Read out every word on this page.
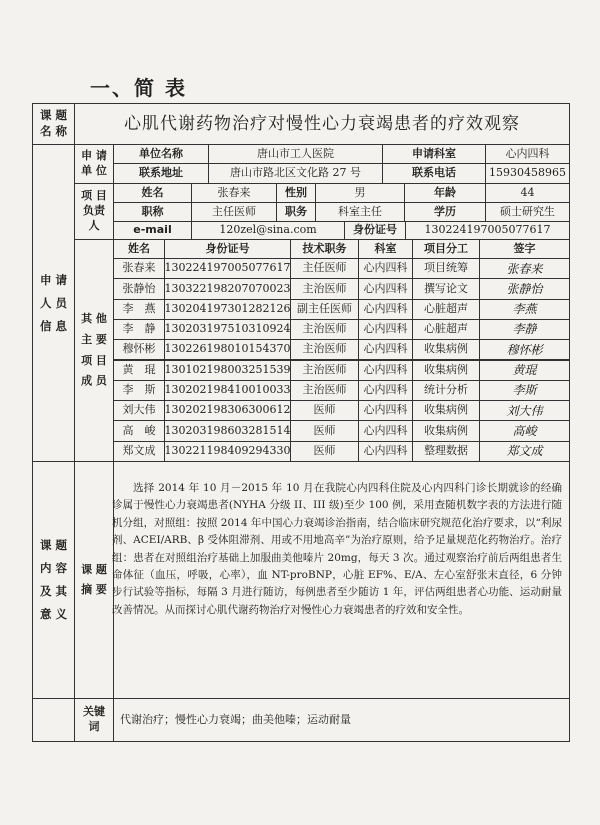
一、简 表
课 题
名 称	心肌代谢药物治疗对慢性心力衰竭患者的疗效观察
申 请
人 员
信 息
申 请
单 位
单位名称	唐山市工人医院	申请科室	心内四科
联系地址	唐山市路北区文化路 27 号	联系电话	15930458965
项 目
负责
人
姓名	张春来	性别	男	年龄	44
职称	主任医师	职务	科室主任	学历	硕士研究生
e-mail	120zel@sina.com	身份证号	130224197005077617
其 他
主 要
项 目
成 员
姓名	身份证号	技术职务	科室	项目分工	签字
张春来 130224197005077617	主任医师	心内四科	项目统筹	张春来
张静怡 130322198207070023	主治医师	心内四科	撰写论文	张静怡
李　燕 130204197301282126 副主任医师	心内四科	心脏超声	李燕
李　静 130203197510310924	主治医师	心内四科	心脏超声	李静
穆怀彬 130226198010154370	主治医师	心内四科	收集病例	穆怀彬
黄　琨 130102198003251539	主治医师	心内四科	收集病例	黄琨
李　斯 130202198410010033	主治医师	心内四科	统计分析	李斯
刘大伟 130202198306300612	医师	心内四科	收集病例	刘大伟
高　峻 130203198603281514	医师	心内四科	收集病例	高峻
郑文成 130221198409294330	医师	心内四科	整理数据	郑文成
课 题
内 容
及 其
意 义
课 题
摘 要
选择 2014 年 10 月－2015 年 10 月在我院心内四科住院及心内四科门诊长期就诊的经确诊属于慢性心力衰竭患者(NYHA 分级 II、III 级)至少 100 例，采用查随机数字表的方法进行随机分组，对照组：按照 2014 年中国心力衰竭诊治指南，结合临床研究规范化治疗要求，以“利尿剂、ACEI/ARB、β 受体阻滞剂、用或不用地高辛”为治疗原则，给予足量规范化药物治疗。治疗组：患者在对照组治疗基础上加服曲美他嗪片 20mg，每天 3 次。通过观察治疗前后两组患者生命体征（血压，呼吸，心率），血 NT-proBNP，心脏 EF%、E/A、左心室舒张末直径，6 分钟步行试验等指标，每隔 3 月进行随访，每例患者至少随访 1 年，评估两组患者心功能、运动耐量改善情况。从而探讨心肌代谢药物治疗对慢性心力衰竭患者的疗效和安全性。
关键
词
代谢治疗；慢性心力衰竭；曲美他嗪；运动耐量
